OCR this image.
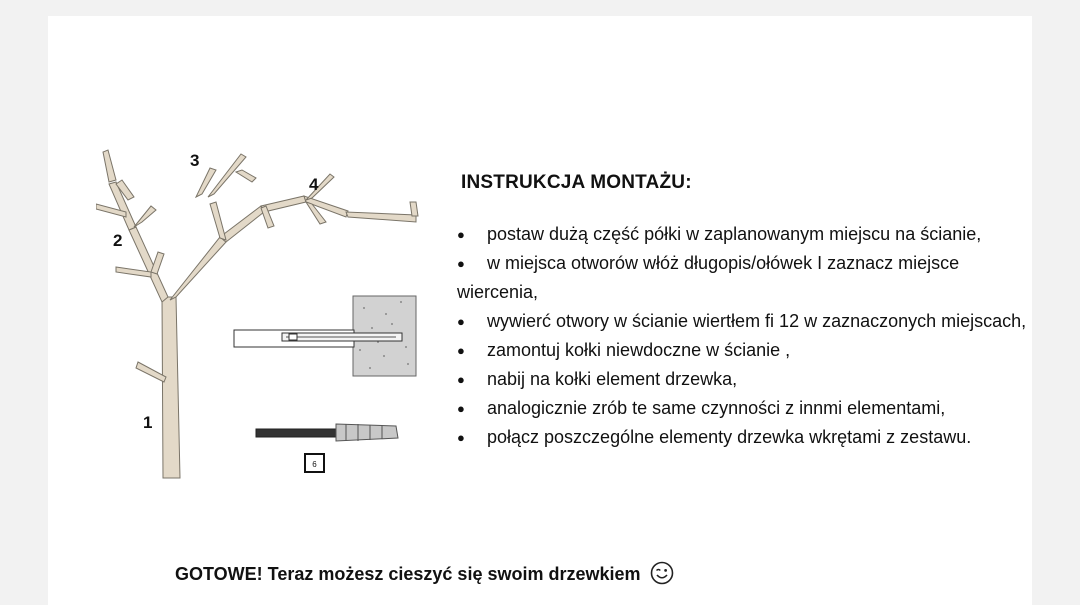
6
1
2
3
4	INSTRUKCJA MONTAŻU:
● postaw dużą część półki w zaplanowanym miejscu na ścianie,
● w miejsca otworów włóż długopis/ołówek I zaznacz miejsce wiercenia,
● wywierć otwory w ścianie wiertłem fi 12 w zaznaczonych miejscach,
● zamontuj kołki niewdoczne w ścianie ,
● nabij na kołki element drzewka,
● analogicznie zrób te same czynności z innmi elementami,
● połącz poszczególne elementy drzewka wkrętami z zestawu.
GOTOWE! Teraz możesz cieszyć się swoim drzewkiem
